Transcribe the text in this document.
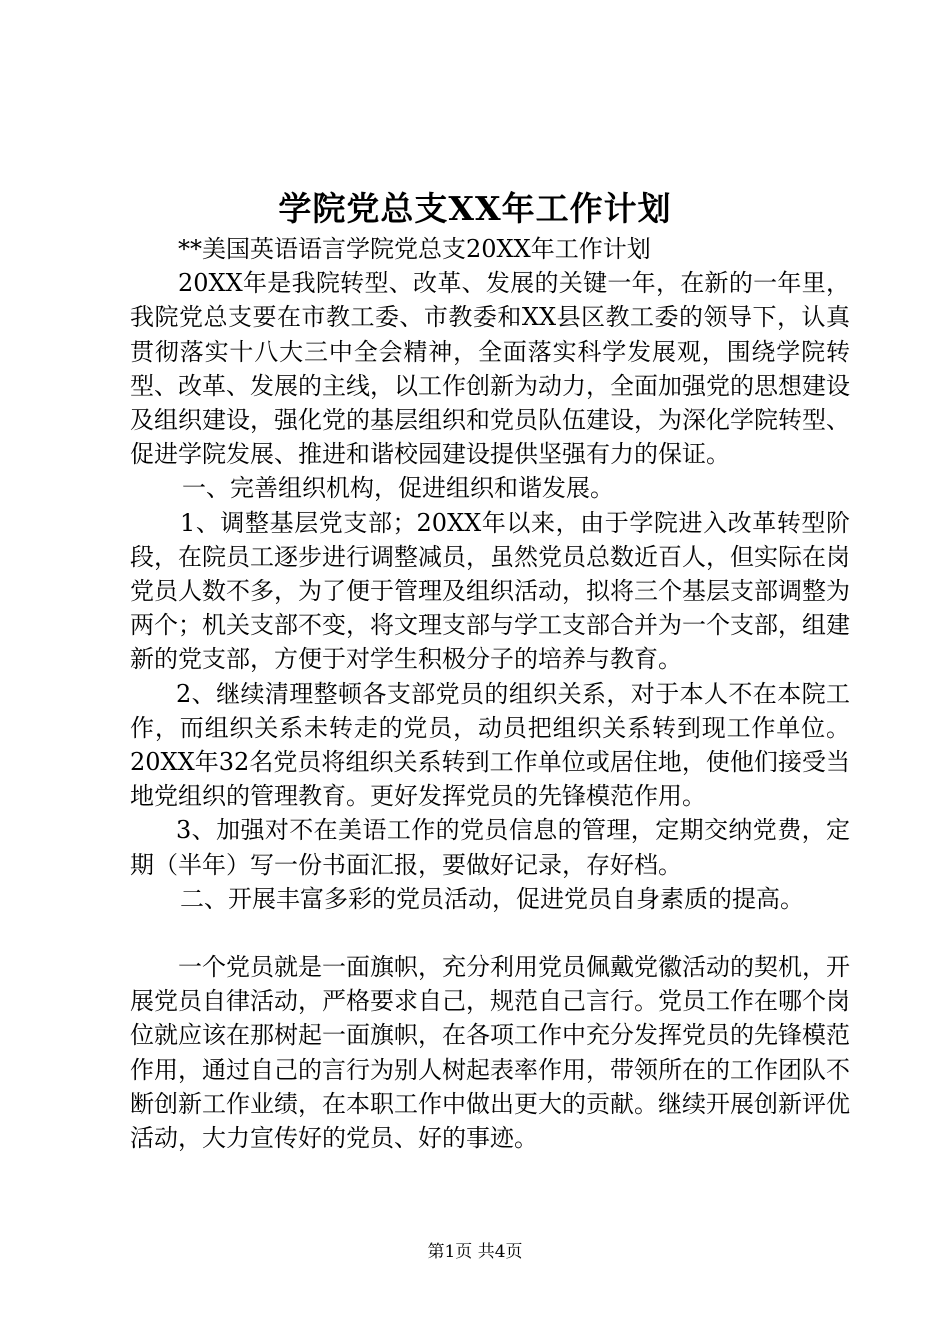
学院党总支XX年工作计划

**美国英语语言学院党总支20XX年工作计划

20XX年是我院转型、改革、发展的关键一年，在新的一年里，我院党总支要在市教工委、市教委和XX县区教工委的领导下，认真贯彻落实十八大三中全会精神，全面落实科学发展观，围绕学院转型、改革、发展的主线，以工作创新为动力，全面加强党的思想建设及组织建设，强化党的基层组织和党员队伍建设，为深化学院转型、促进学院发展、推进和谐校园建设提供坚强有力的保证。

一、完善组织机构，促进组织和谐发展。

1、调整基层党支部；20XX年以来，由于学院进入改革转型阶段，在院员工逐步进行调整减员，虽然党员总数近百人，但实际在岗党员人数不多，为了便于管理及组织活动，拟将三个基层支部调整为两个；机关支部不变，将文理支部与学工支部合并为一个支部，组建新的党支部，方便于对学生积极分子的培养与教育。

2、继续清理整顿各支部党员的组织关系，对于本人不在本院工作，而组织关系未转走的党员，动员把组织关系转到现工作单位。20XX年32名党员将组织关系转到工作单位或居住地，使他们接受当地党组织的管理教育。更好发挥党员的先锋模范作用。

3、加强对不在美语工作的党员信息的管理，定期交纳党费，定期（半年）写一份书面汇报，要做好记录，存好档。

二、开展丰富多彩的党员活动，促进党员自身素质的提高。

一个党员就是一面旗帜，充分利用党员佩戴党徽活动的契机，开展党员自律活动，严格要求自己，规范自己言行。党员工作在哪个岗位就应该在那树起一面旗帜，在各项工作中充分发挥党员的先锋模范作用，通过自己的言行为别人树起表率作用，带领所在的工作团队不断创新工作业绩，在本职工作中做出更大的贡献。继续开展创新评优活动，大力宣传好的党员、好的事迹。

第1页 共4页
